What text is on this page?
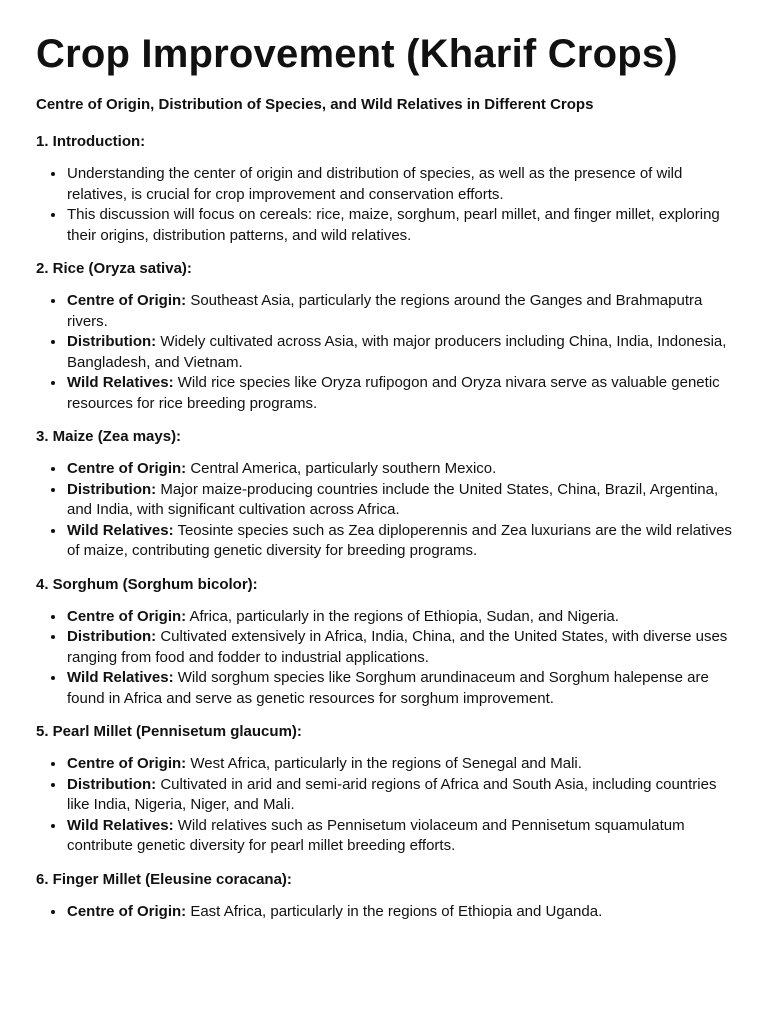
Crop Improvement (Kharif Crops)

Centre of Origin, Distribution of Species, and Wild Relatives in Different Crops

1. Introduction:

• Understanding the center of origin and distribution of species, as well as the presence of wild relatives, is crucial for crop improvement and conservation efforts.
• This discussion will focus on cereals: rice, maize, sorghum, pearl millet, and finger millet, exploring their origins, distribution patterns, and wild relatives.

2. Rice (Oryza sativa):

• Centre of Origin: Southeast Asia, particularly the regions around the Ganges and Brahmaputra rivers.
• Distribution: Widely cultivated across Asia, with major producers including China, India, Indonesia, Bangladesh, and Vietnam.
• Wild Relatives: Wild rice species like Oryza rufipogon and Oryza nivara serve as valuable genetic resources for rice breeding programs.

3. Maize (Zea mays):

• Centre of Origin: Central America, particularly southern Mexico.
• Distribution: Major maize-producing countries include the United States, China, Brazil, Argentina, and India, with significant cultivation across Africa.
• Wild Relatives: Teosinte species such as Zea diploperennis and Zea luxurians are the wild relatives of maize, contributing genetic diversity for breeding programs.

4. Sorghum (Sorghum bicolor):

• Centre of Origin: Africa, particularly in the regions of Ethiopia, Sudan, and Nigeria.
• Distribution: Cultivated extensively in Africa, India, China, and the United States, with diverse uses ranging from food and fodder to industrial applications.
• Wild Relatives: Wild sorghum species like Sorghum arundinaceum and Sorghum halepense are found in Africa and serve as genetic resources for sorghum improvement.

5. Pearl Millet (Pennisetum glaucum):

• Centre of Origin: West Africa, particularly in the regions of Senegal and Mali.
• Distribution: Cultivated in arid and semi-arid regions of Africa and South Asia, including countries like India, Nigeria, Niger, and Mali.
• Wild Relatives: Wild relatives such as Pennisetum violaceum and Pennisetum squamulatum contribute genetic diversity for pearl millet breeding efforts.

6. Finger Millet (Eleusine coracana):

• Centre of Origin: East Africa, particularly in the regions of Ethiopia and Uganda.
